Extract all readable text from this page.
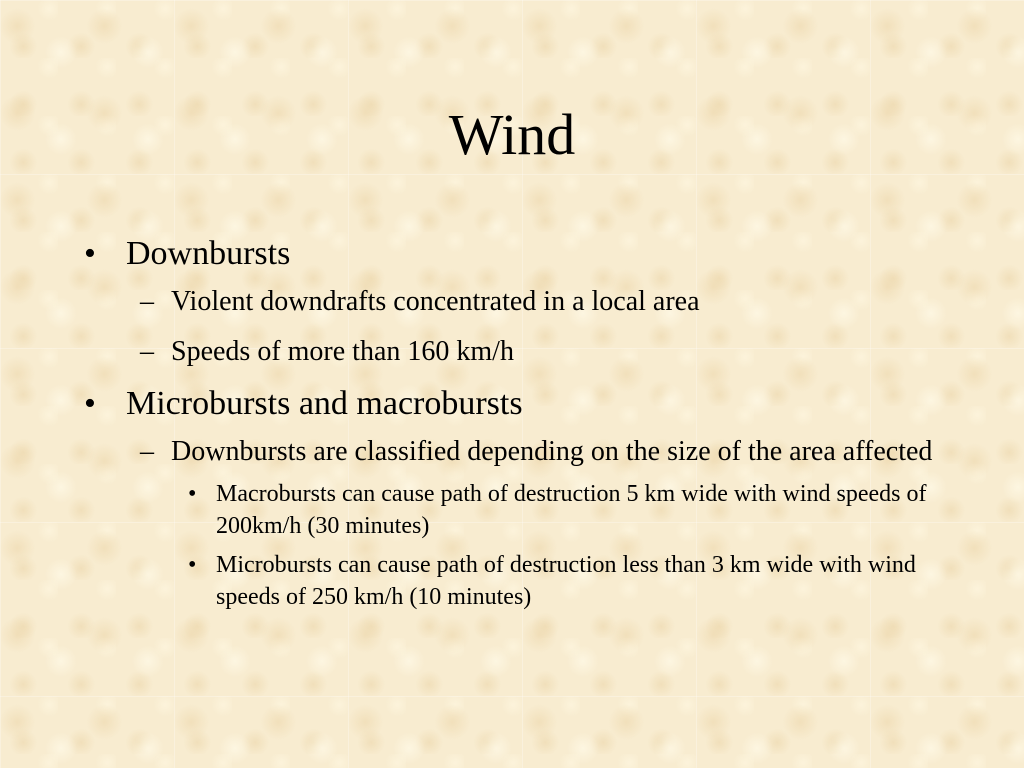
Wind
• Downbursts
– Violent downdrafts concentrated in a local area
– Speeds of more than 160 km/h
• Microbursts and macrobursts
– Downbursts are classified depending on the size of the area affected
• Macrobursts can cause path of destruction 5 km wide with wind speeds of 200km/h (30 minutes)
• Microbursts can cause path of destruction less than 3 km wide with wind speeds of 250 km/h (10 minutes)
